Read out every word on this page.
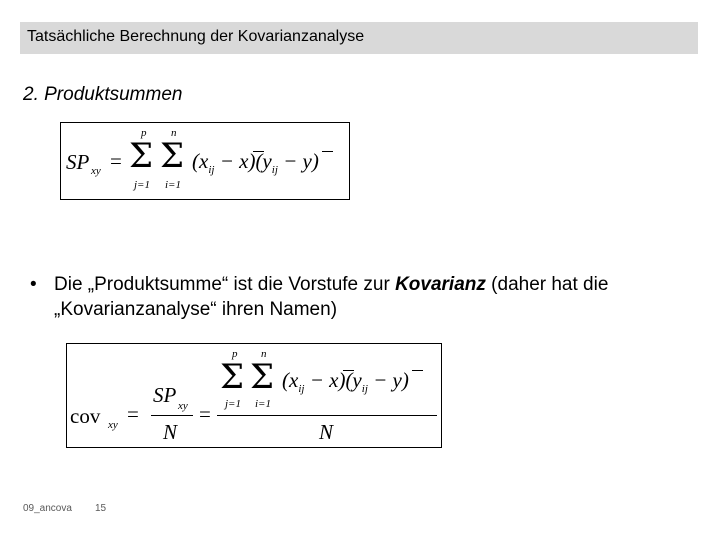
Tatsächliche Berechnung der Kovarianzanalyse
2. Produktsummen
SP xy =
p
Σ
j=1
n
Σ
i=1
$(x_{ij} - x)(y_{ij} - y)$
• Die „Produktsumme“ ist die Vorstufe zur Kovarianz (daher hat die „Kovarianzanalyse“ ihren Namen)
cov xy =
SP xy
N
=
p
Σ
j=1
n
Σ
i=1
$(x_{ij} - x)(y_{ij} - y)$
N
09_ancova 15
